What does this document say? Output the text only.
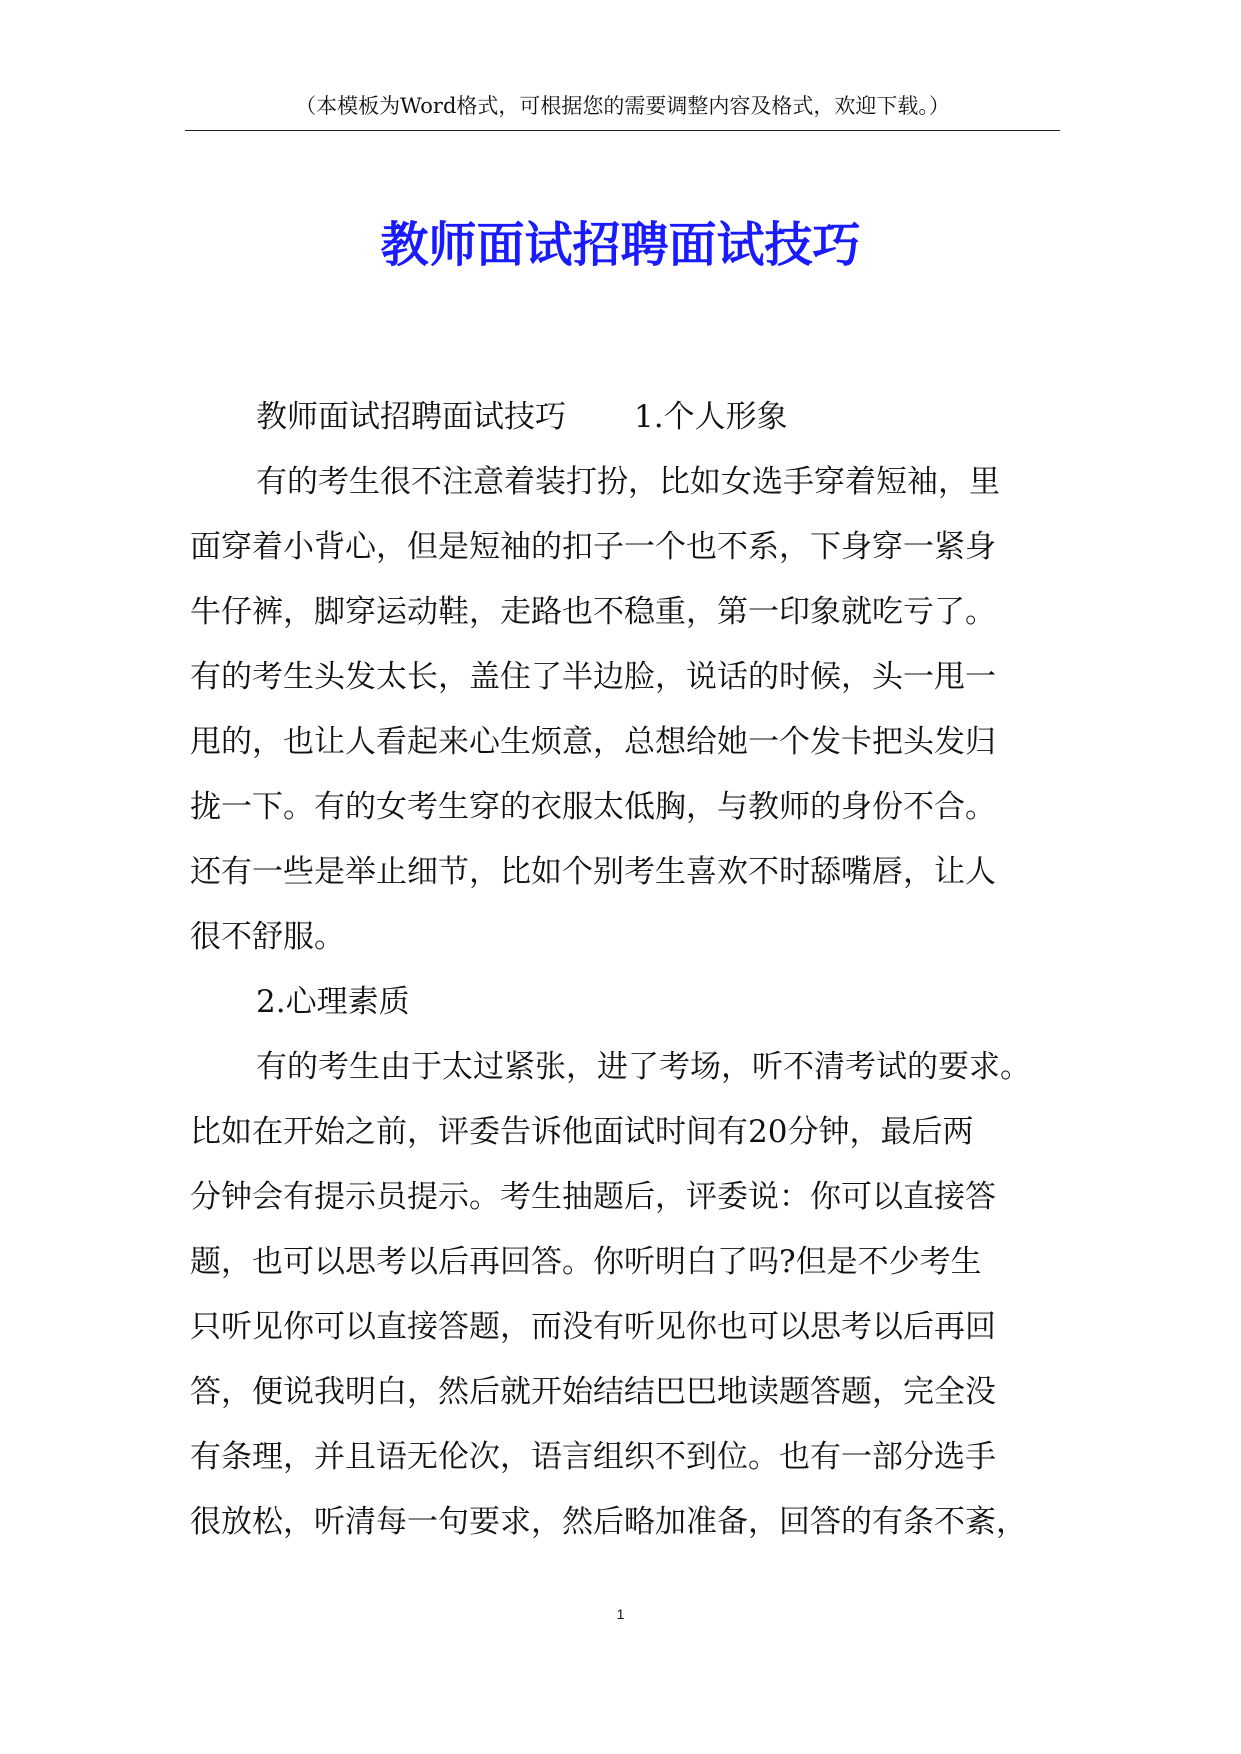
（本模板为Word格式，可根据您的需要调整内容及格式，欢迎下载。）
教师面试招聘面试技巧
教师面试招聘面试技巧 1.个人形象
有的考生很不注意着装打扮，比如女选手穿着短袖，里
面穿着小背心，但是短袖的扣子一个也不系，下身穿一紧身
牛仔裤，脚穿运动鞋，走路也不稳重，第一印象就吃亏了。
有的考生头发太长，盖住了半边脸，说话的时候，头一甩一
甩的，也让人看起来心生烦意，总想给她一个发卡把头发归
拢一下。有的女考生穿的衣服太低胸，与教师的身份不合。
还有一些是举止细节，比如个别考生喜欢不时舔嘴唇，让人
很不舒服。
2.心理素质
有的考生由于太过紧张，进了考场，听不清考试的要求。
比如在开始之前，评委告诉他面试时间有20分钟，最后两
分钟会有提示员提示。考生抽题后，评委说：你可以直接答
题，也可以思考以后再回答。你听明白了吗?但是不少考生
只听见你可以直接答题，而没有听见你也可以思考以后再回
答，便说我明白，然后就开始结结巴巴地读题答题，完全没
有条理，并且语无伦次，语言组织不到位。也有一部分选手
很放松，听清每一句要求，然后略加准备，回答的有条不紊，
1
